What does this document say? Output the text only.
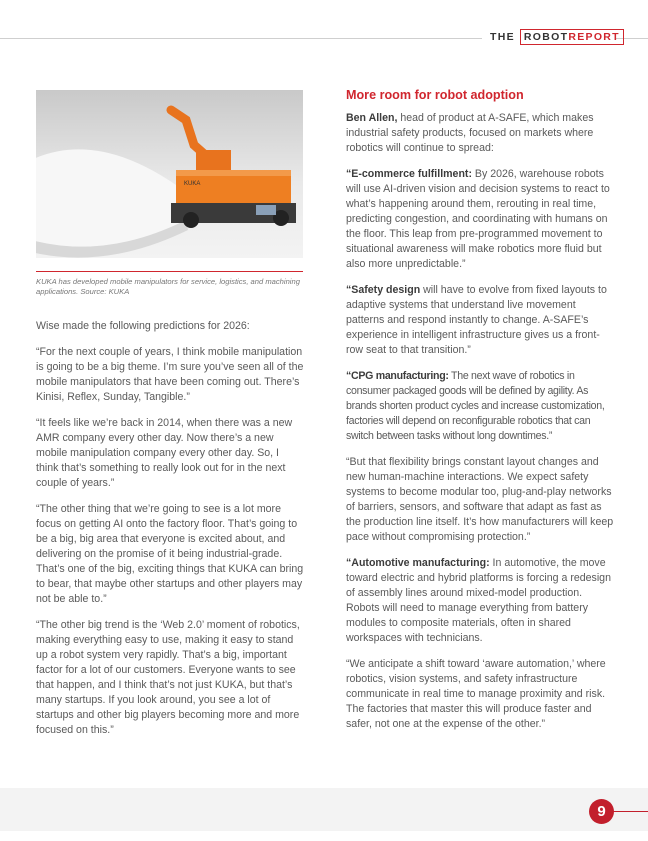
THE ROBOTREPORT
KUKA
KUKA has developed mobile manipulators for service, logistics, and machining applications. Source: KUKA

Wise made the following predictions for 2026:

“For the next couple of years, I think mobile manipulation is going to be a big theme. I’m sure you’ve seen all of the mobile manipulators that have been coming out. There’s Kinisi, Reflex, Sunday, Tangible.”

“It feels like we’re back in 2014, when there was a new AMR company every other day. Now there’s a new mobile manipulation company every other day. So, I think that’s something to really look out for in the next couple of years.”

“The other thing that we’re going to see is a lot more focus on getting AI onto the factory floor. That’s going to be a big, big area that everyone is excited about, and delivering on the promise of it being industrial-grade. That’s one of the big, exciting things that KUKA can bring to bear, that maybe other startups and other players may not be able to.”

“The other big trend is the ‘Web 2.0’ moment of robotics, making everything easy to use, making it easy to stand up a robot system very rapidly. That’s a big, important factor for a lot of our customers. Everyone wants to see that happen, and I think that’s not just KUKA, but that’s many startups. If you look around, you see a lot of startups and other big players becoming more and more focused on this.”

More room for robot adoption

Ben Allen, head of product at A-SAFE, which makes industrial safety products, focused on markets where robotics will continue to spread:

“E-commerce fulfillment: By 2026, warehouse robots will use AI-driven vision and decision systems to react to what’s happening around them, rerouting in real time, predicting congestion, and coordinating with humans on the floor. This leap from pre-programmed movement to situational awareness will make robotics more fluid but also more unpredictable.”

“Safety design will have to evolve from fixed layouts to adaptive systems that understand live movement patterns and respond instantly to change. A-SAFE’s experience in intelligent infrastructure gives us a front-row seat to that transition.”

“CPG manufacturing: The next wave of robotics in consumer packaged goods will be defined by agility. As brands shorten product cycles and increase customization, factories will depend on reconfigurable robotics that can switch between tasks without long downtimes.”

“But that flexibility brings constant layout changes and new human-machine interactions. We expect safety systems to become modular too, plug-and-play networks of barriers, sensors, and software that adapt as fast as the production line itself. It’s how manufacturers will keep pace without compromising protection.”

“Automotive manufacturing: In automotive, the move toward electric and hybrid platforms is forcing a redesign of assembly lines around mixed-model production. Robots will need to manage everything from battery modules to composite materials, often in shared workspaces with technicians.

“We anticipate a shift toward ‘aware automation,’ where robotics, vision systems, and safety infrastructure communicate in real time to manage proximity and risk. The factories that master this will produce faster and safer, not one at the expense of the other.”

9
